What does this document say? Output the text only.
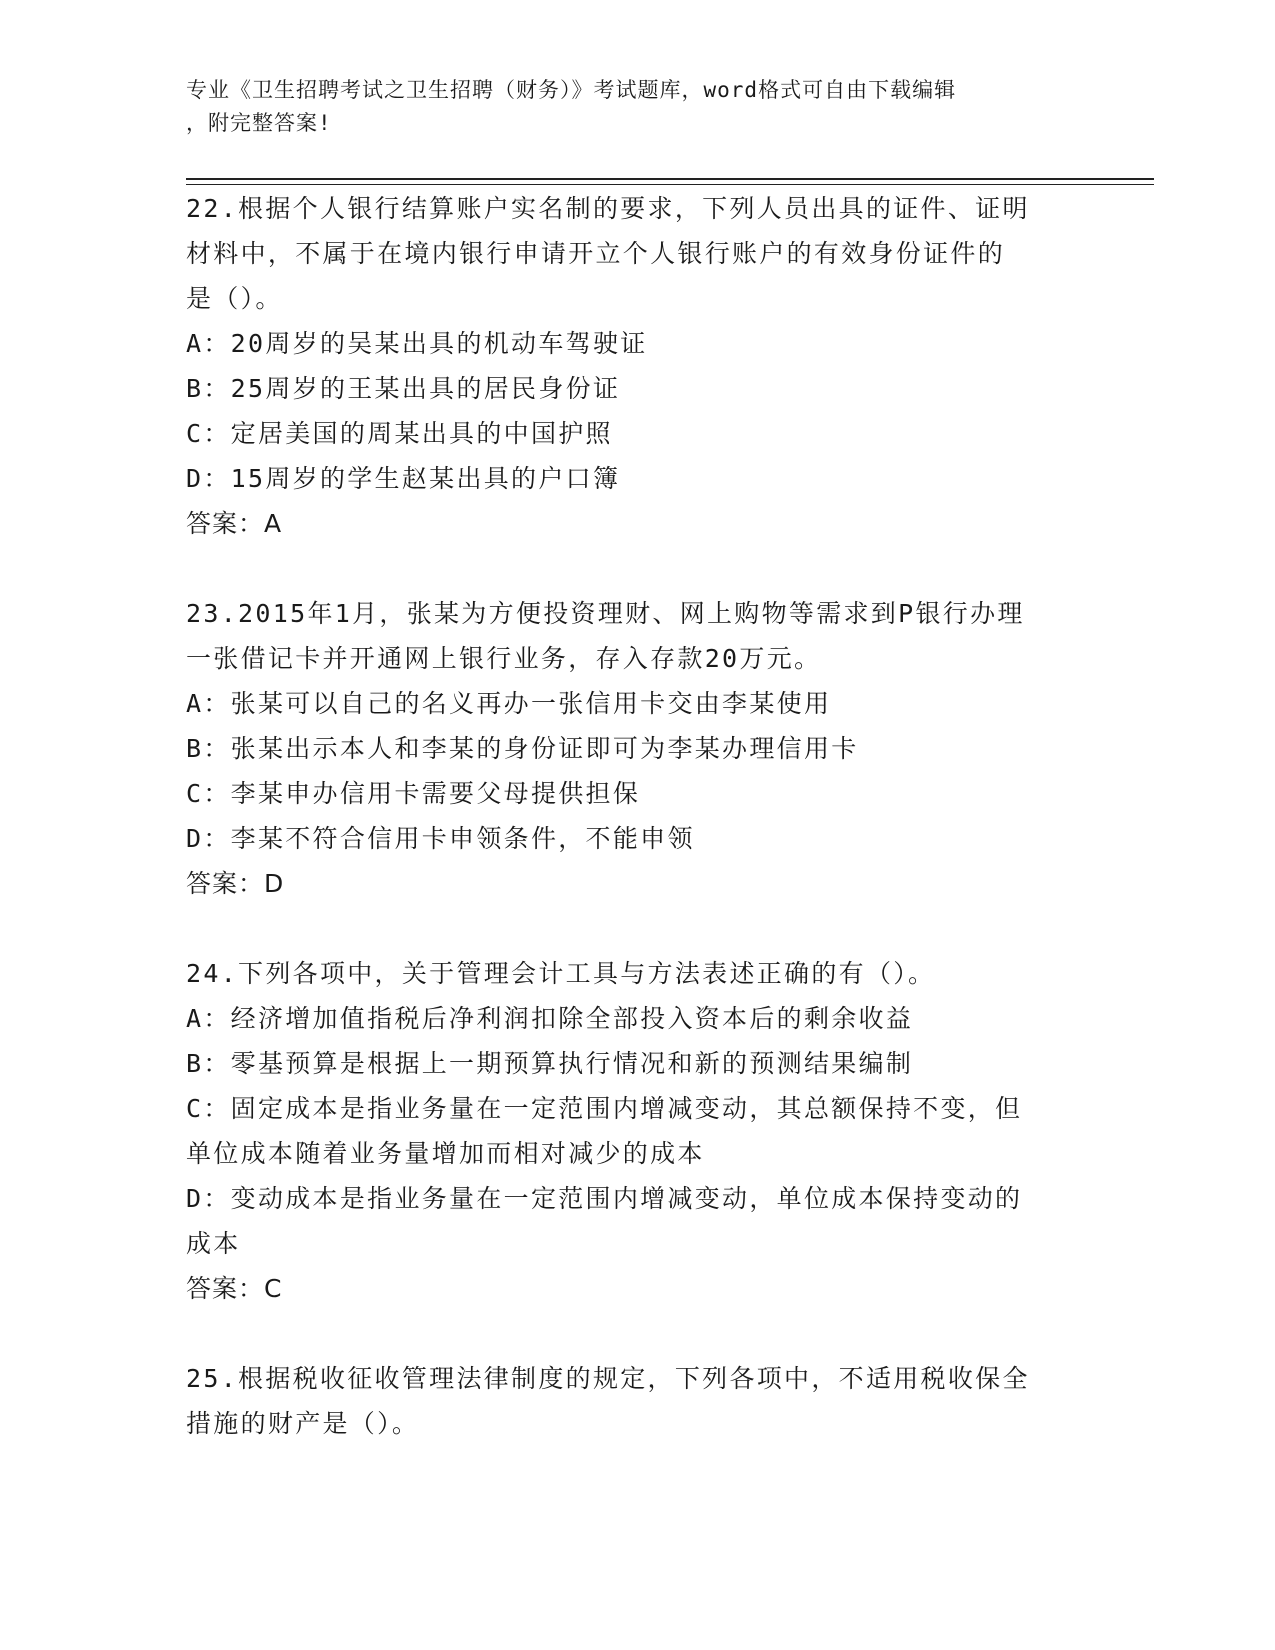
专业《卫生招聘考试之卫生招聘（财务）》考试题库，word格式可自由下载编辑
，附完整答案!
22.根据个人银行结算账户实名制的要求，下列人员出具的证件、证明
材料中，不属于在境内银行申请开立个人银行账户的有效身份证件的
是（）。
A：20周岁的吴某出具的机动车驾驶证
B：25周岁的王某出具的居民身份证
C：定居美国的周某出具的中国护照
D：15周岁的学生赵某出具的户口簿
答案：A
23.2015年1月，张某为方便投资理财、网上购物等需求到P银行办理
一张借记卡并开通网上银行业务，存入存款20万元。
A：张某可以自己的名义再办一张信用卡交由李某使用
B：张某出示本人和李某的身份证即可为李某办理信用卡
C：李某申办信用卡需要父母提供担保
D：李某不符合信用卡申领条件，不能申领
答案：D
24.下列各项中，关于管理会计工具与方法表述正确的有（）。
A：经济增加值指税后净利润扣除全部投入资本后的剩余收益
B：零基预算是根据上一期预算执行情况和新的预测结果编制
C：固定成本是指业务量在一定范围内增减变动，其总额保持不变，但
单位成本随着业务量增加而相对减少的成本
D：变动成本是指业务量在一定范围内增减变动，单位成本保持变动的
成本
答案：C
25.根据税收征收管理法律制度的规定，下列各项中，不适用税收保全
措施的财产是（）。
